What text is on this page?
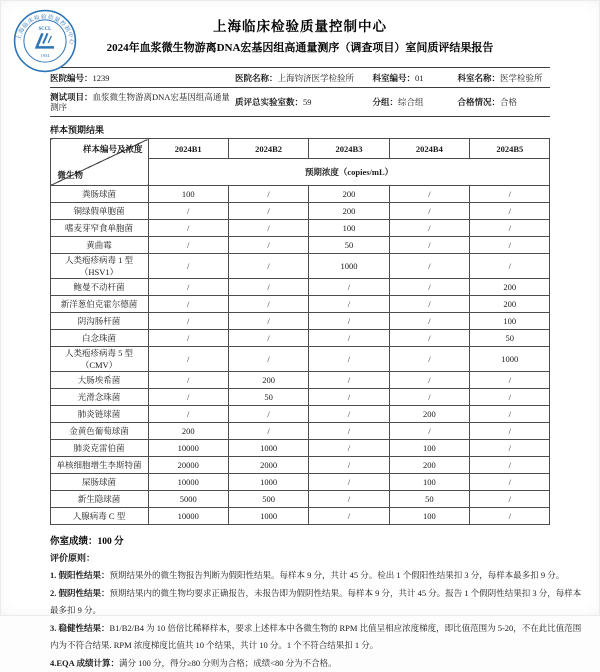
上海临床检验质量控制中心
SCCL
1954
上海临床检验质量控制中心
2024年血浆微生物游离DNA宏基因组高通量测序（调查项目）室间质评结果报告
医院编号：1239	医院名称：上海钧济医学检验所	科室编号：01	科室名称：医学检验所
测试项目：血浆微生物游离DNA宏基因组高通量测序	质评总实验室数：59	分组：综合组	合格情况：合格
样本预期结果
样本编号及浓度
微生物	2024B1	2024B2	2024B3	2024B4	2024B5
	预期浓度（copies/mL）				
粪肠球菌	100	/	200	/	/
铜绿假单胞菌	/	/	200	/	/
嗜麦芽窄食单胞菌	/	/	100	/	/
黄曲霉	/	/	50	/	/
人类疱疹病毒 1 型（HSV1）	/	/	1000	/	/
鲍曼不动杆菌	/	/	/	/	200
新洋葱伯克霍尔德菌	/	/	/	/	200
阴沟肠杆菌	/	/	/	/	100
白念珠菌	/	/	/	/	50
人类疱疹病毒 5 型（CMV）	/	/	/	/	1000
大肠埃希菌	/	200	/	/	/
光滑念珠菌	/	50	/	/	/
肺炎链球菌	/	/	/	200	/
金黄色葡萄球菌	200	/	/	/	/
肺炎克雷伯菌	10000	1000	/	100	/
单核细胞增生李斯特菌	20000	2000	/	200	/
屎肠球菌	10000	1000	/	100	/
新生隐球菌	5000	500	/	50	/
人腺病毒 C 型	10000	1000	/	100	/
你室成绩：100 分
评价原则：

1. 假阳性结果：预期结果外的微生物报告判断为假阳性结果。每样本 9 分，共计 45 分。检出 1 个假阳性结果扣 3 分，每样本最多扣 9 分。

2. 假阴性结果：预期结果内的微生物均要求正确报告，未报告即为假阴性结果。每样本 9 分，共计 45 分。报告 1 个假阴性结果扣 3 分，每样本最多扣 9 分。

3. 稳健性结果：B1/B2/B4 为 10 倍倍比稀释样本，要求上述样本中各微生物的 RPM 比值呈相应浓度梯度，即比值范围为 5-20，不在此比值范围内为不符合结果. RPM 浓度梯度比值共 10 个结果，共计 10 分。1 个不符合结果扣 1 分。

4.EQA 成绩计算：满分 100 分，得分≥80 分则为合格；成绩<80 分为不合格。
